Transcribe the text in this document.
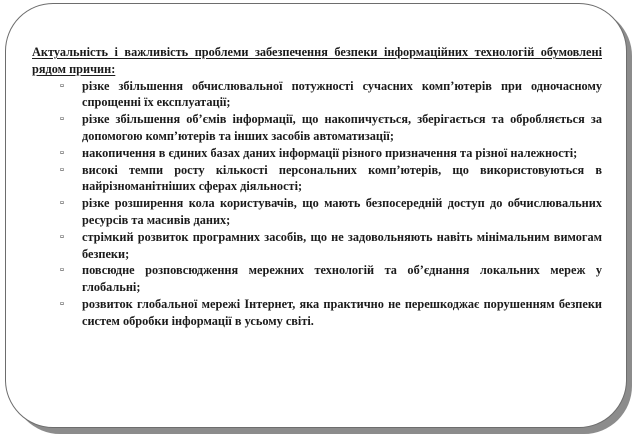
Актуальність і важливість проблеми забезпечення безпеки інформаційних технологій обумовлені рядом причин:

▫ різке збільшення обчислювальної потужності сучасних комп’ютерів при одночасному спрощенні їх експлуатації;
▫ різке збільшення об’ємів інформації, що накопичується, зберігається та обробляється за допомогою комп’ютерів та інших засобів автоматизації;
▫ накопичення в єдиних базах даних інформації різного призначення та різної належності;
▫ високі темпи росту кількості персональних комп’ютерів, що використовуються в найрізноманітніших сферах діяльності;
▫ різке розширення кола користувачів, що мають безпосередній доступ до обчислювальних ресурсів та масивів даних;
▫ стрімкий розвиток програмних засобів, що не задовольняють навіть мінімальним вимогам безпеки;
▫ повсюдне розповсюдження мережних технологій та об’єднання локальних мереж у глобальні;
▫ розвиток глобальної мережі Інтернет, яка практично не перешкоджає порушенням безпеки систем обробки інформації в усьому світі.
